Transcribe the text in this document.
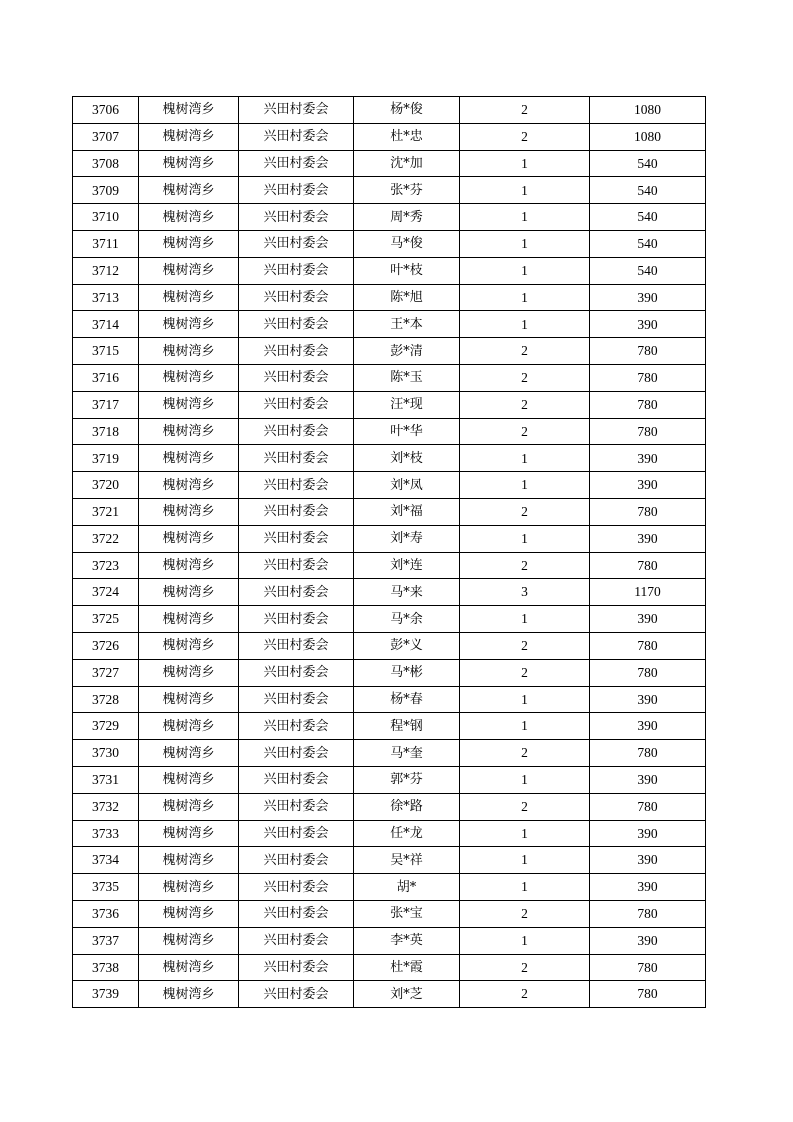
3706	槐树湾乡	兴田村委会	杨*俊	2	1080
3707	槐树湾乡	兴田村委会	杜*忠	2	1080
3708	槐树湾乡	兴田村委会	沈*加	1	540
3709	槐树湾乡	兴田村委会	张*芬	1	540
3710	槐树湾乡	兴田村委会	周*秀	1	540
3711	槐树湾乡	兴田村委会	马*俊	1	540
3712	槐树湾乡	兴田村委会	叶*枝	1	540
3713	槐树湾乡	兴田村委会	陈*旭	1	390
3714	槐树湾乡	兴田村委会	王*本	1	390
3715	槐树湾乡	兴田村委会	彭*清	2	780
3716	槐树湾乡	兴田村委会	陈*玉	2	780
3717	槐树湾乡	兴田村委会	汪*现	2	780
3718	槐树湾乡	兴田村委会	叶*华	2	780
3719	槐树湾乡	兴田村委会	刘*枝	1	390
3720	槐树湾乡	兴田村委会	刘*凤	1	390
3721	槐树湾乡	兴田村委会	刘*福	2	780
3722	槐树湾乡	兴田村委会	刘*寿	1	390
3723	槐树湾乡	兴田村委会	刘*连	2	780
3724	槐树湾乡	兴田村委会	马*来	3	1170
3725	槐树湾乡	兴田村委会	马*余	1	390
3726	槐树湾乡	兴田村委会	彭*义	2	780
3727	槐树湾乡	兴田村委会	马*彬	2	780
3728	槐树湾乡	兴田村委会	杨*春	1	390
3729	槐树湾乡	兴田村委会	程*钢	1	390
3730	槐树湾乡	兴田村委会	马*奎	2	780
3731	槐树湾乡	兴田村委会	郭*芬	1	390
3732	槐树湾乡	兴田村委会	徐*路	2	780
3733	槐树湾乡	兴田村委会	任*龙	1	390
3734	槐树湾乡	兴田村委会	吴*祥	1	390
3735	槐树湾乡	兴田村委会	胡*	1	390
3736	槐树湾乡	兴田村委会	张*宝	2	780
3737	槐树湾乡	兴田村委会	李*英	1	390
3738	槐树湾乡	兴田村委会	杜*霞	2	780
3739	槐树湾乡	兴田村委会	刘*芝	2	780
